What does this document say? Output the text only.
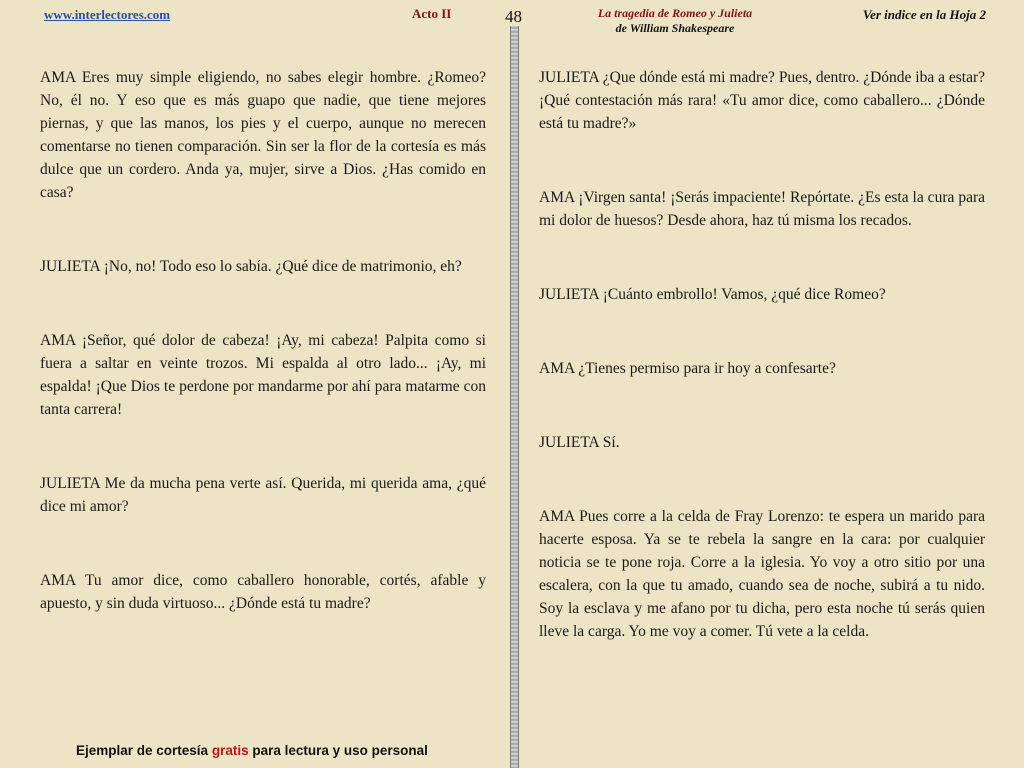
www.interlectores.com	Acto II	48	La tragedia de Romeo y Julieta
de William Shakespeare
Ver indice en la Hoja 2

AMA Eres muy simple eligiendo, no sabes elegir hombre. ¿Romeo? No, él no. Y eso que es más guapo que nadie, que tiene mejores piernas, y que las manos, los pies y el cuerpo, aunque no merecen comentarse no tienen comparación. Sin ser la flor de la cortesía es más dulce que un cordero. Anda ya, mujer, sirve a Dios. ¿Has comido en casa?

JULIETA ¡No, no! Todo eso lo sabía. ¿Qué dice de matrimonio, eh?

AMA ¡Señor, qué dolor de cabeza! ¡Ay, mi cabeza! Palpita como si fuera a saltar en veinte trozos. Mi espalda al otro lado... ¡Ay, mi espalda! ¡Que Dios te perdone por mandarme por ahí para matarme con tanta carrera!

JULIETA Me da mucha pena verte así. Querida, mi querida ama, ¿qué dice mi amor?

AMA Tu amor dice, como caballero honorable, cortés, afable y apuesto, y sin duda virtuoso... ¿Dónde está tu madre?

JULIETA ¿Que dónde está mi madre? Pues, dentro. ¿Dónde iba a estar? ¡Qué contestación más rara! «Tu amor dice, como caballero... ¿Dónde está tu madre?»

AMA ¡Virgen santa! ¡Serás impaciente! Repórtate. ¿Es esta la cura para mi dolor de huesos? Desde ahora, haz tú misma los recados.

JULIETA ¡Cuánto embrollo! Vamos, ¿qué dice Romeo?

AMA ¿Tienes permiso para ir hoy a confesarte?

JULIETA Sí.

AMA Pues corre a la celda de Fray Lorenzo: te espera un marido para hacerte esposa. Ya se te rebela la sangre en la cara: por cualquier noticia se te pone roja. Corre a la iglesia. Yo voy a otro sitio por una escalera, con la que tu amado, cuando sea de noche, subirá a tu nido. Soy la esclava y me afano por tu dicha, pero esta noche tú serás quien lleve la carga. Yo me voy a comer. Tú vete a la celda.

Ejemplar de cortesía gratis para lectura y uso personal
